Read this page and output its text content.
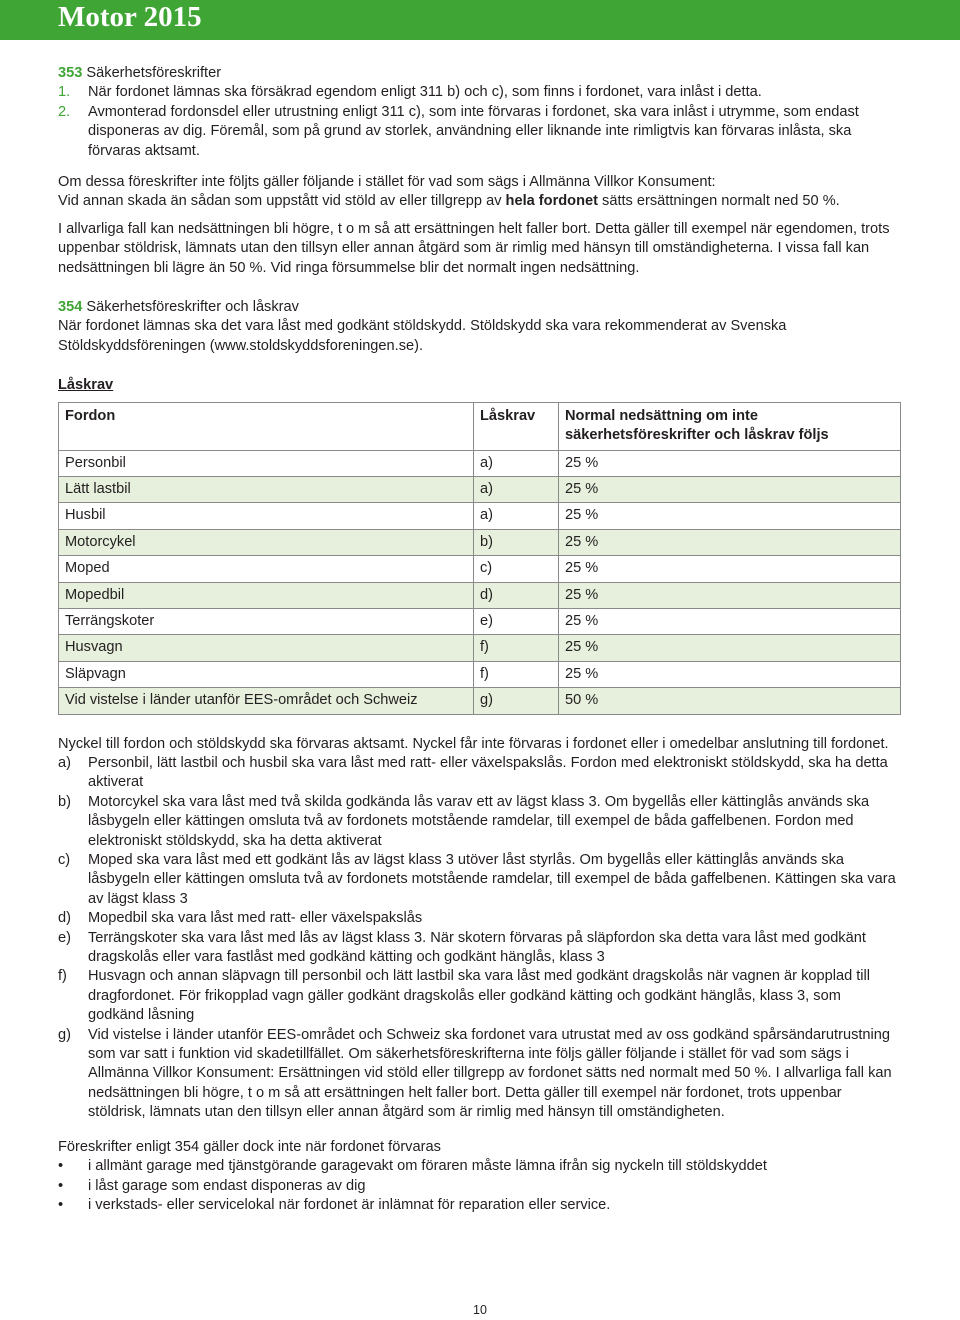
Motor 2015

353 Säkerhetsföreskrifter

1.	När fordonet lämnas ska försäkrad egendom enligt 311 b) och c), som finns i fordonet, vara inlåst i detta.
2.	Avmonterad fordonsdel eller utrustning enligt 311 c), som inte förvaras i fordonet, ska vara inlåst i utrymme, som endast disponeras av dig. Föremål, som på grund av storlek, användning eller liknande inte rimligtvis kan förvaras inlåsta, ska förvaras aktsamt.

Om dessa föreskrifter inte följts gäller följande i stället för vad som sägs i Allmänna Villkor Konsument:

Vid annan skada än sådan som uppstått vid stöld av eller tillgrepp av hela fordonet sätts ersättningen normalt ned 50 %.

I allvarliga fall kan nedsättningen bli högre, t o m så att ersättningen helt faller bort. Detta gäller till exempel när egendomen, trots uppenbar stöldrisk, lämnats utan den tillsyn eller annan åtgärd som är rimlig med hänsyn till omständigheterna. I vissa fall kan nedsättningen bli lägre än 50 %. Vid ringa försummelse blir det normalt ingen nedsättning.

354 Säkerhetsföreskrifter och låskrav

När fordonet lämnas ska det vara låst med godkänt stöldskydd. Stöldskydd ska vara rekommenderat av Svenska Stöldskyddsföreningen (www.stoldskyddsforeningen.se).

Låskrav

Fordon	Låskrav	Normal nedsättning om inte säkerhetsföreskrifter och låskrav följs
Personbil	a)	25 %
Lätt lastbil	a)	25 %
Husbil	a)	25 %
Motorcykel	b)	25 %
Moped	c)	25 %
Mopedbil	d)	25 %
Terrängskoter	e)	25 %
Husvagn	f)	25 %
Släpvagn	f)	25 %
Vid vistelse i länder utanför EES-området och Schweiz	g)	50 %

Nyckel till fordon och stöldskydd ska förvaras aktsamt. Nyckel får inte förvaras i fordonet eller i omedelbar anslutning till fordonet.

a)	Personbil, lätt lastbil och husbil ska vara låst med ratt- eller växelspakslås. Fordon med elektroniskt stöldskydd, ska ha detta aktiverat
b)	Motorcykel ska vara låst med två skilda godkända lås varav ett av lägst klass 3. Om bygellås eller kättinglås används ska låsbygeln eller kättingen omsluta två av fordonets motstående ramdelar, till exempel de båda gaffelbenen. Fordon med elektroniskt stöldskydd, ska ha detta aktiverat
c)	Moped ska vara låst med ett godkänt lås av lägst klass 3 utöver låst styrlås. Om bygellås eller kättinglås används ska låsbygeln eller kättingen omsluta två av fordonets motstående ramdelar, till exempel de båda gaffelbenen. Kättingen ska vara av lägst klass 3
d)	Mopedbil ska vara låst med ratt- eller växelspakslås
e)	Terrängskoter ska vara låst med lås av lägst klass 3. När skotern förvaras på släpfordon ska detta vara låst med godkänt dragskolås eller vara fastlåst med godkänd kätting och godkänt hänglås, klass 3
f)	Husvagn och annan släpvagn till personbil och lätt lastbil ska vara låst med godkänt dragskolås när vagnen är kopplad till dragfordonet. För frikopplad vagn gäller godkänt dragskolås eller godkänd kätting och godkänt hänglås, klass 3, som godkänd låsning
g)	Vid vistelse i länder utanför EES-området och Schweiz ska fordonet vara utrustat med av oss godkänd spårsändarutrustning som var satt i funktion vid skadetillfället. Om säkerhetsföreskrifterna inte följs gäller följande i stället för vad som sägs i Allmänna Villkor Konsument: Ersättningen vid stöld eller tillgrepp av fordonet sätts ned normalt med 50 %. I allvarliga fall kan nedsättningen bli högre, t o m så att ersättningen helt faller bort. Detta gäller till exempel när fordonet, trots uppenbar stöldrisk, lämnats utan den tillsyn eller annan åtgärd som är rimlig med hänsyn till omständigheten.

Föreskrifter enligt 354 gäller dock inte när fordonet förvaras

•	i allmänt garage med tjänstgörande garagevakt om föraren måste lämna ifrån sig nyckeln till stöldskyddet
•	i låst garage som endast disponeras av dig
•	i verkstads- eller servicelokal när fordonet är inlämnat för reparation eller service.
10
